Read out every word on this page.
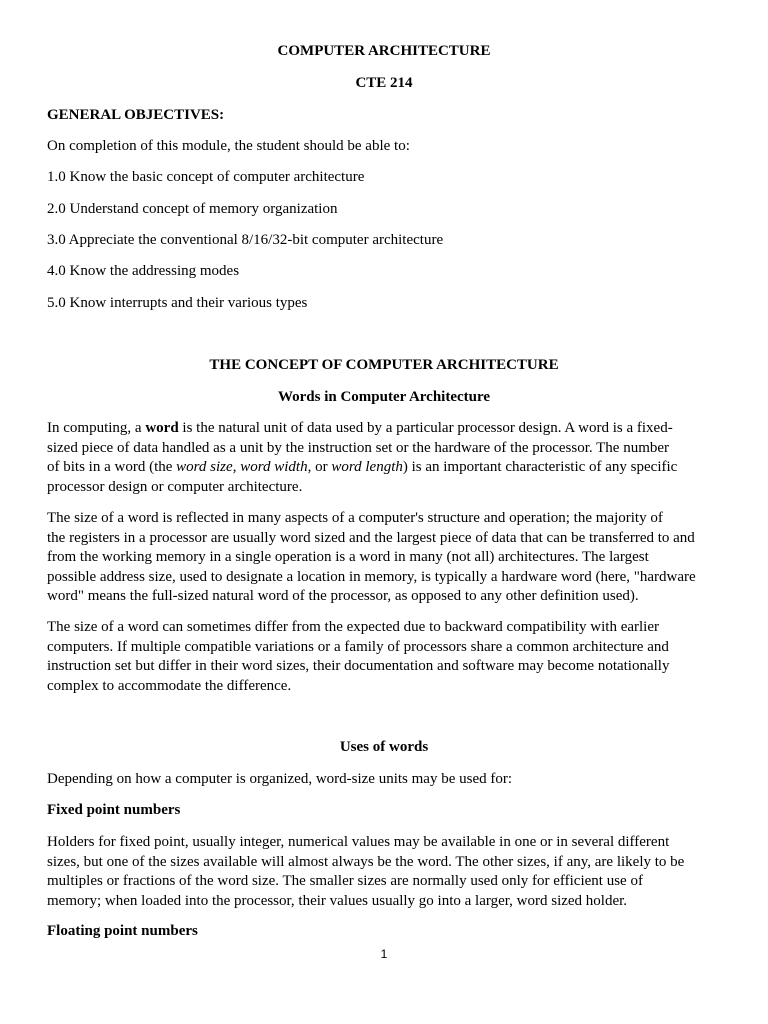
COMPUTER ARCHITECTURE
CTE 214
GENERAL OBJECTIVES:
On completion of this module, the student should be able to:
1.0 Know the basic concept of computer architecture
2.0 Understand concept of memory organization
3.0 Appreciate the conventional 8/16/32-bit computer architecture
4.0 Know the addressing modes
5.0 Know interrupts and their various types
THE CONCEPT OF COMPUTER ARCHITECTURE
Words in Computer Architecture
In computing, a word is the natural unit of data used by a particular processor design. A word is a fixed-
sized piece of data handled as a unit by the instruction set or the hardware of the processor. The number
of bits in a word (the word size, word width, or word length) is an important characteristic of any specific
processor design or computer architecture.
The size of a word is reflected in many aspects of a computer's structure and operation; the majority of
the registers in a processor are usually word sized and the largest piece of data that can be transferred to and
from the working memory in a single operation is a word in many (not all) architectures. The largest
possible address size, used to designate a location in memory, is typically a hardware word (here, "hardware
word" means the full-sized natural word of the processor, as opposed to any other definition used).
The size of a word can sometimes differ from the expected due to backward compatibility with earlier
computers. If multiple compatible variations or a family of processors share a common architecture and
instruction set but differ in their word sizes, their documentation and software may become notationally
complex to accommodate the difference.
Uses of words
Depending on how a computer is organized, word-size units may be used for:
Fixed point numbers
Holders for fixed point, usually integer, numerical values may be available in one or in several different
sizes, but one of the sizes available will almost always be the word. The other sizes, if any, are likely to be
multiples or fractions of the word size. The smaller sizes are normally used only for efficient use of
memory; when loaded into the processor, their values usually go into a larger, word sized holder.
Floating point numbers
1
